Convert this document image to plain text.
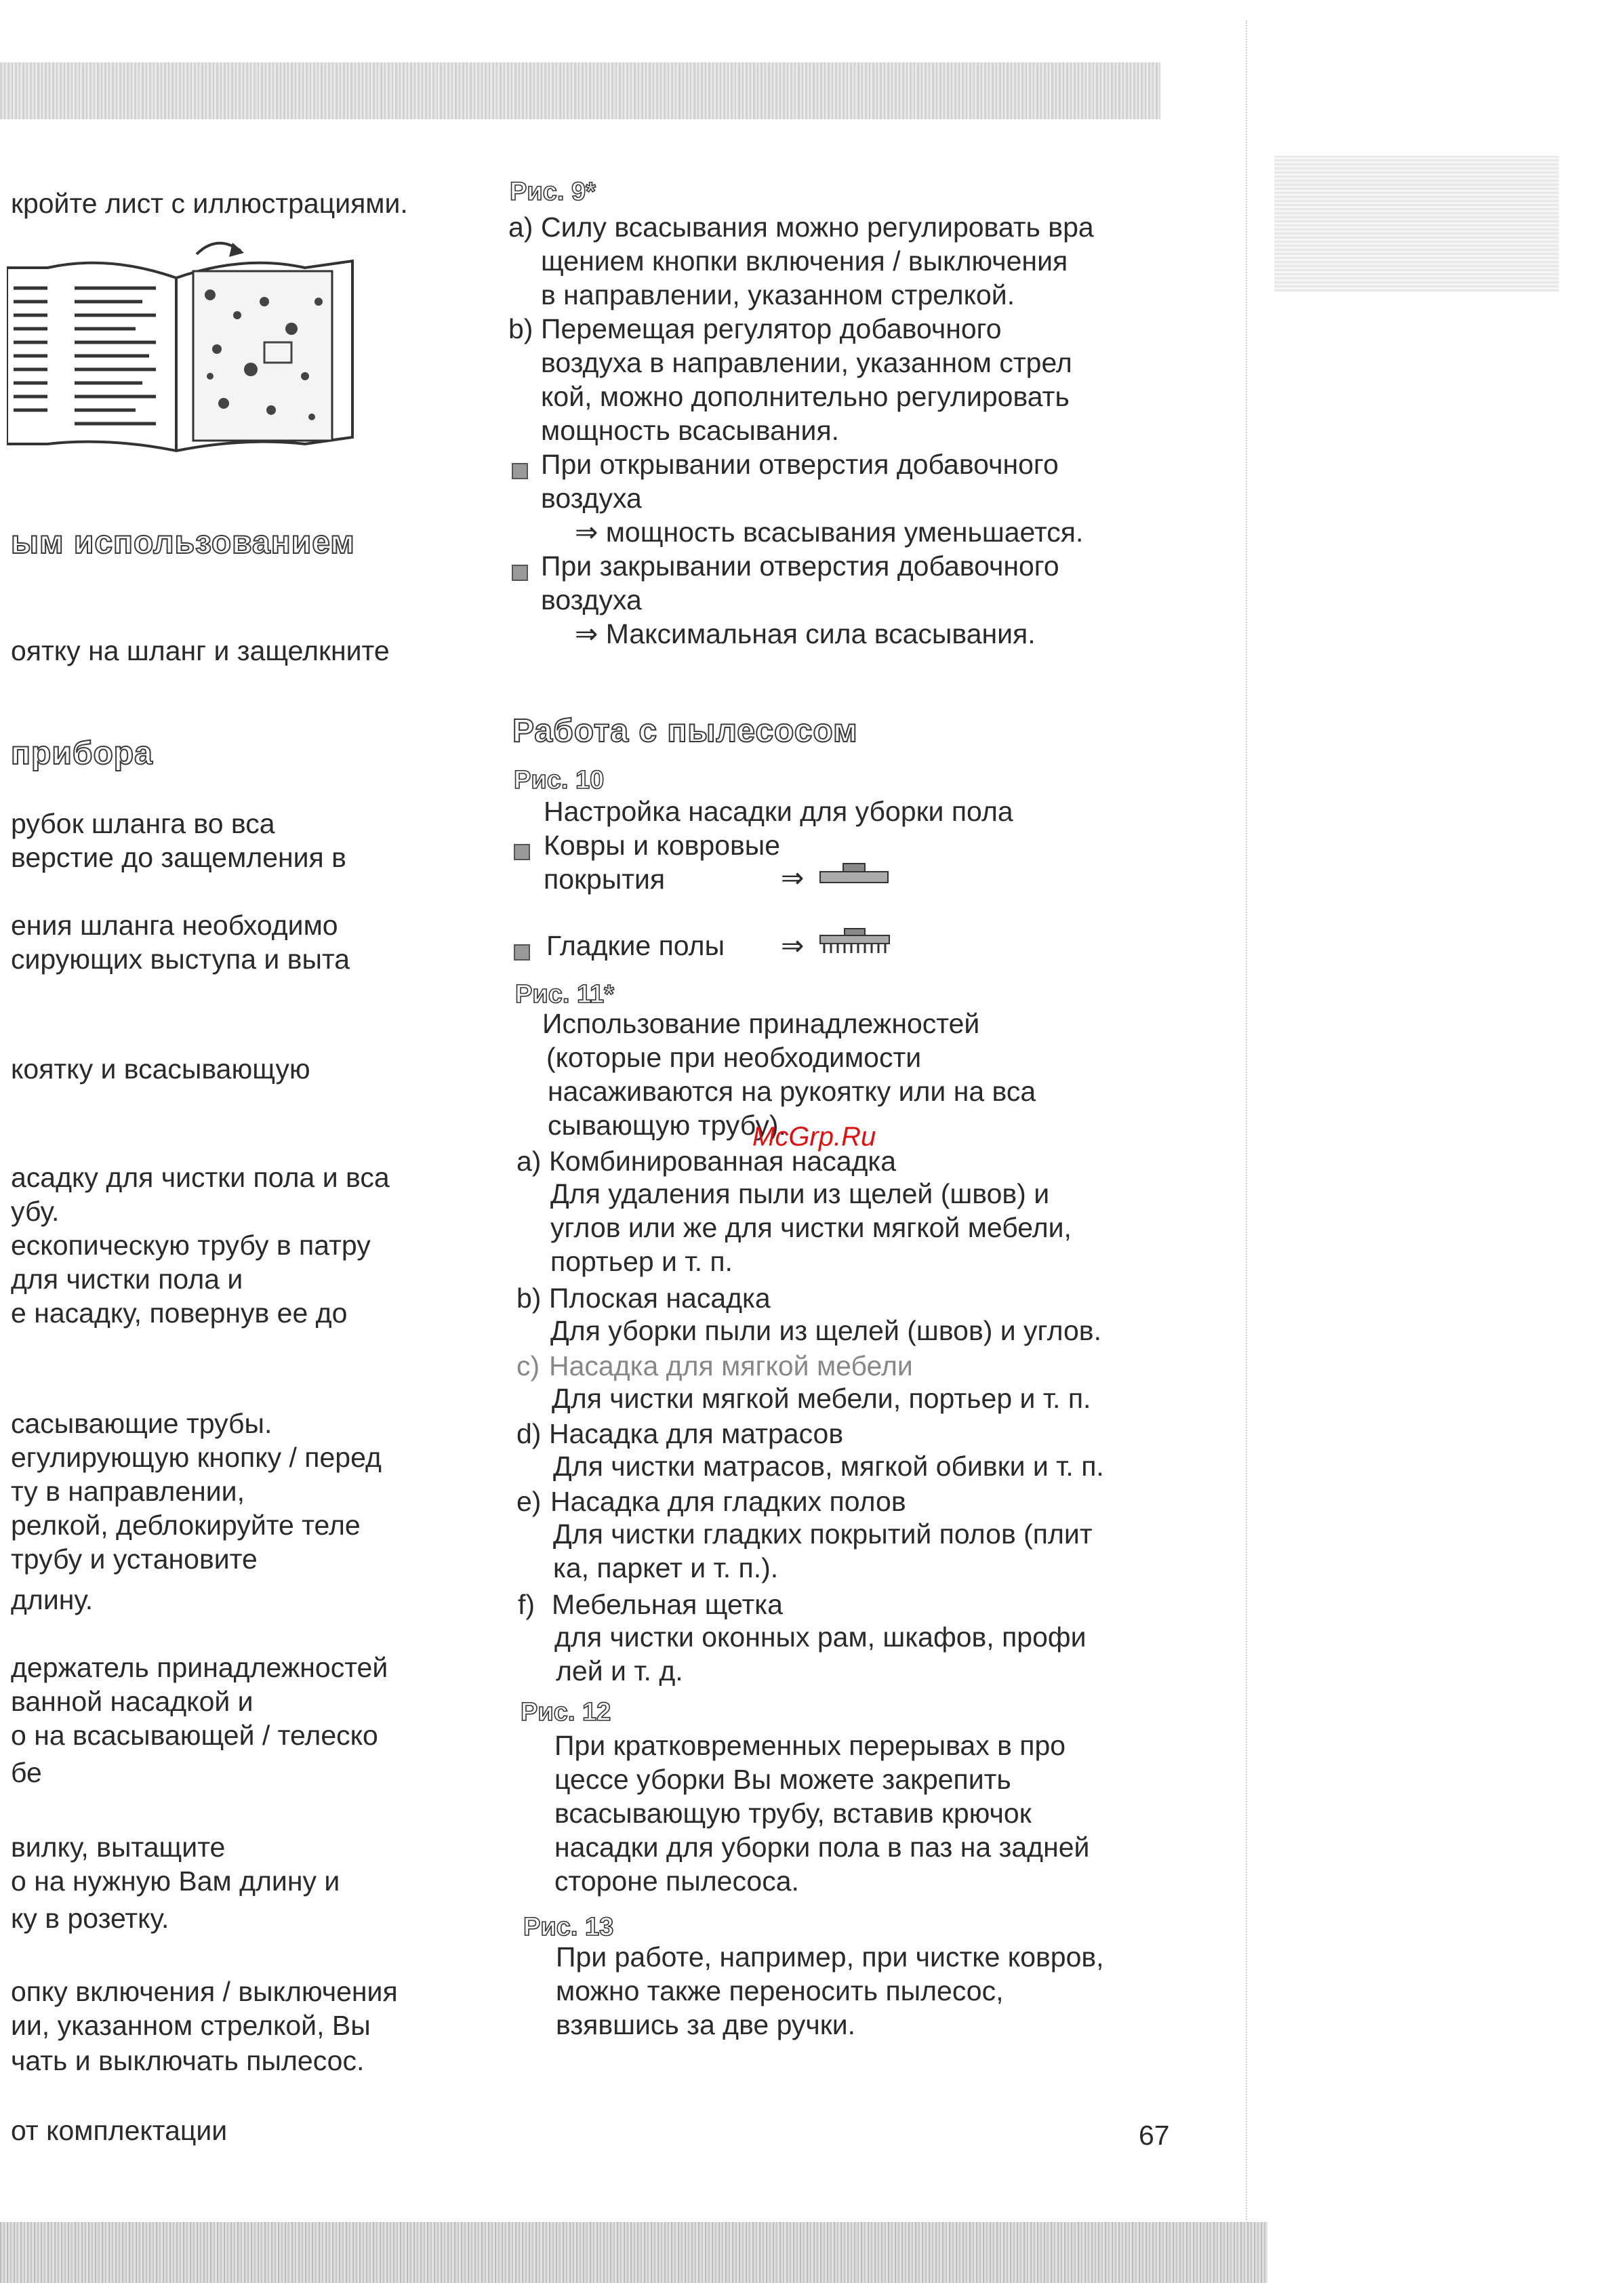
кройте лист с иллюстрациями.
ым использованием
оятку на шланг и защелкните
прибора
рубок шланга во вса
верстие до защемления в
ения шланга необходимо
сирующих выступа и выта
коятку и всасывающую
асадку для чистки пола и вса
убу.
ескопическую трубу в патру
для чистки пола и
е насадку, повернув ее до
сасывающие трубы.
егулирующую кнопку / перед
ту в направлении,
релкой, деблокируйте теле
трубу и установите
длину.
держатель принадлежностей
ванной насадкой и
о на всасывающей / телеско
бе
вилку, вытащите
о на нужную Вам длину и
ку в розетку.
опку включения / выключения
ии, указанном стрелкой, Вы
чать и выключать пылесос.
от комплектации
Рис. 9*
a) Силу всасывания можно регулировать вра
щением кнопки включения / выключения
в направлении, указанном стрелкой.
b) Перемещая регулятор добавочного
воздуха в направлении, указанном стрел
кой, можно дополнительно регулировать
мощность всасывания.
При открывании отверстия добавочного
воздуха
⇒ мощность всасывания уменьшается.
При закрывании отверстия добавочного
воздуха
⇒ Максимальная сила всасывания.
Работа с пылесосом
Рис. 10
Настройка насадки для уборки пола
Ковры и ковровые
покрытия	⇒
Гладкие полы ⇒
Рис. 11*
Использование принадлежностей
(которые при необходимости
насаживаются на рукоятку или на вса
сывающую трубу).
a) Комбинированная насадка
Для удаления пыли из щелей (швов) и
углов или же для чистки мягкой мебели,
портьер и т. п.
b) Плоская насадка
Для уборки пыли из щелей (швов) и углов.
c) Насадка для мягкой мебели
Для чистки мягкой мебели, портьер и т. п.
d) Насадка для матрасов
Для чистки матрасов, мягкой обивки и т. п.
e) Насадка для гладких полов
Для чистки гладких покрытий полов (плит
ка, паркет и т. п.).
f) Мебельная щетка
для чистки оконных рам, шкафов, профи
лей и т. д.
Рис. 12
При кратковременных перерывах в про
цессе уборки Вы можете закрепить
всасывающую трубу, вставив крючок
насадки для уборки пола в паз на задней
стороне пылесоса.
Рис. 13
При работе, например, при чистке ковров,
можно также переносить пылесос,
взявшись за две ручки.
McGrp.Ru
67
